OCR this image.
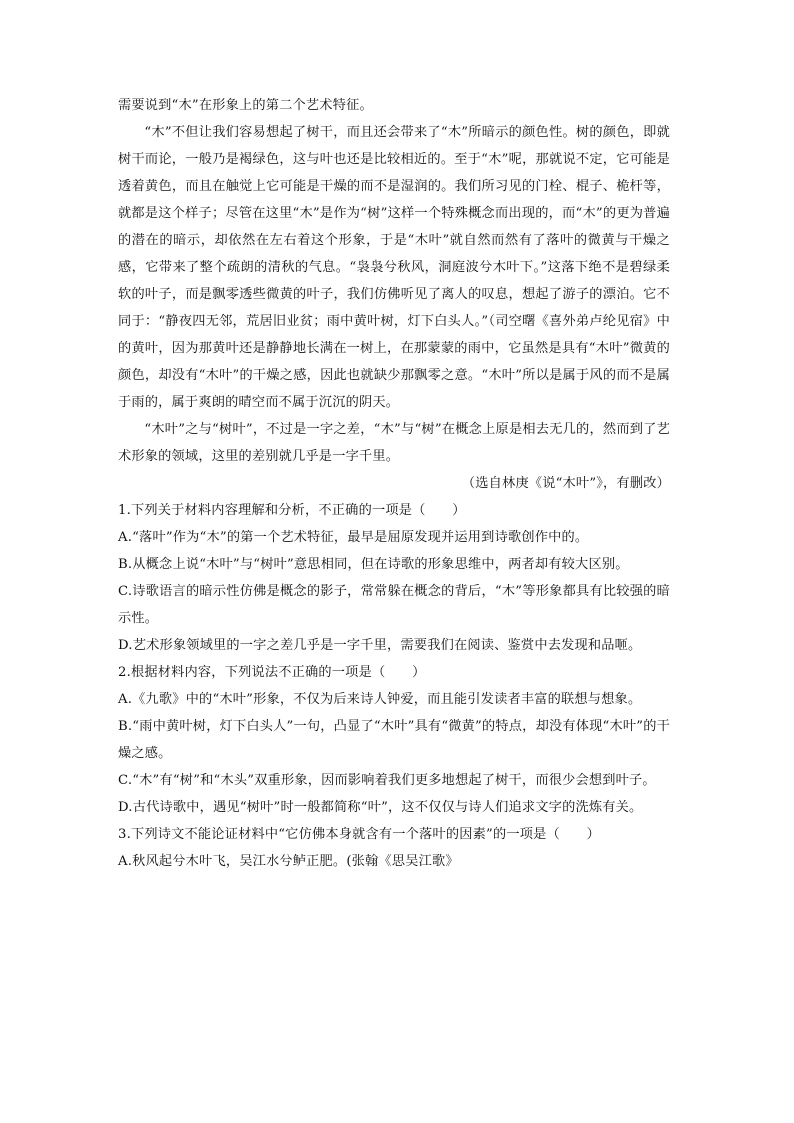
需要说到“木”在形象上的第二个艺术特征。

“木”不但让我们容易想起了树干，而且还会带来了“木”所暗示的颜色性。树的颜色，即就树干而论，一般乃是褐绿色，这与叶也还是比较相近的。至于“木”呢，那就说不定，它可能是透着黄色，而且在触觉上它可能是干燥的而不是湿润的。我们所习见的门栓、棍子、桅杆等，就都是这个样子；尽管在这里“木”是作为“树”这样一个特殊概念而出现的，而“木”的更为普遍的潜在的暗示，却依然在左右着这个形象，于是“木叶”就自然而然有了落叶的微黄与干燥之感，它带来了整个疏朗的清秋的气息。“袅袅兮秋风，洞庭波兮木叶下。”这落下绝不是碧绿柔软的叶子，而是飘零透些微黄的叶子，我们仿佛听见了离人的叹息，想起了游子的漂泊。它不同于：“静夜四无邻，荒居旧业贫；雨中黄叶树，灯下白头人。”（司空曙《喜外弟卢纶见宿》中的黄叶，因为那黄叶还是静静地长满在一树上，在那蒙蒙的雨中，它虽然是具有“木叶”微黄的颜色，却没有“木叶”的干燥之感，因此也就缺少那飘零之意。“木叶”所以是属于风的而不是属于雨的，属于爽朗的晴空而不属于沉沉的阴天。

“木叶”之与“树叶”，不过是一字之差，“木”与“树”在概念上原是相去无几的，然而到了艺术形象的领域，这里的差别就几乎是一字千里。

（选自林庚《说“木叶”》，有删改）

1.下列关于材料内容理解和分析，不正确的一项是（　　）

A.“落叶”作为“木”的第一个艺术特征，最早是屈原发现并运用到诗歌创作中的。

B.从概念上说“木叶”与“树叶”意思相同，但在诗歌的形象思维中，两者却有较大区别。

C.诗歌语言的暗示性仿佛是概念的影子，常常躲在概念的背后，“木”等形象都具有比较强的暗示性。

D.艺术形象领域里的一字之差几乎是一字千里，需要我们在阅读、鉴赏中去发现和品咂。

2.根据材料内容，下列说法不正确的一项是（　　）

A.《九歌》中的“木叶”形象，不仅为后来诗人钟爱，而且能引发读者丰富的联想与想象。

B.“雨中黄叶树，灯下白头人”一句，凸显了“木叶”具有“微黄”的特点，却没有体现“木叶”的干燥之感。

C.“木”有“树”和“木头”双重形象，因而影响着我们更多地想起了树干，而很少会想到叶子。

D.古代诗歌中，遇见“树叶”时一般都简称“叶”，这不仅仅与诗人们追求文字的洗炼有关。

3.下列诗文不能论证材料中“它仿佛本身就含有一个落叶的因素”的一项是（　　）

A.秋风起兮木叶飞，吴江水兮鲈正肥。(张翰《思吴江歌》
